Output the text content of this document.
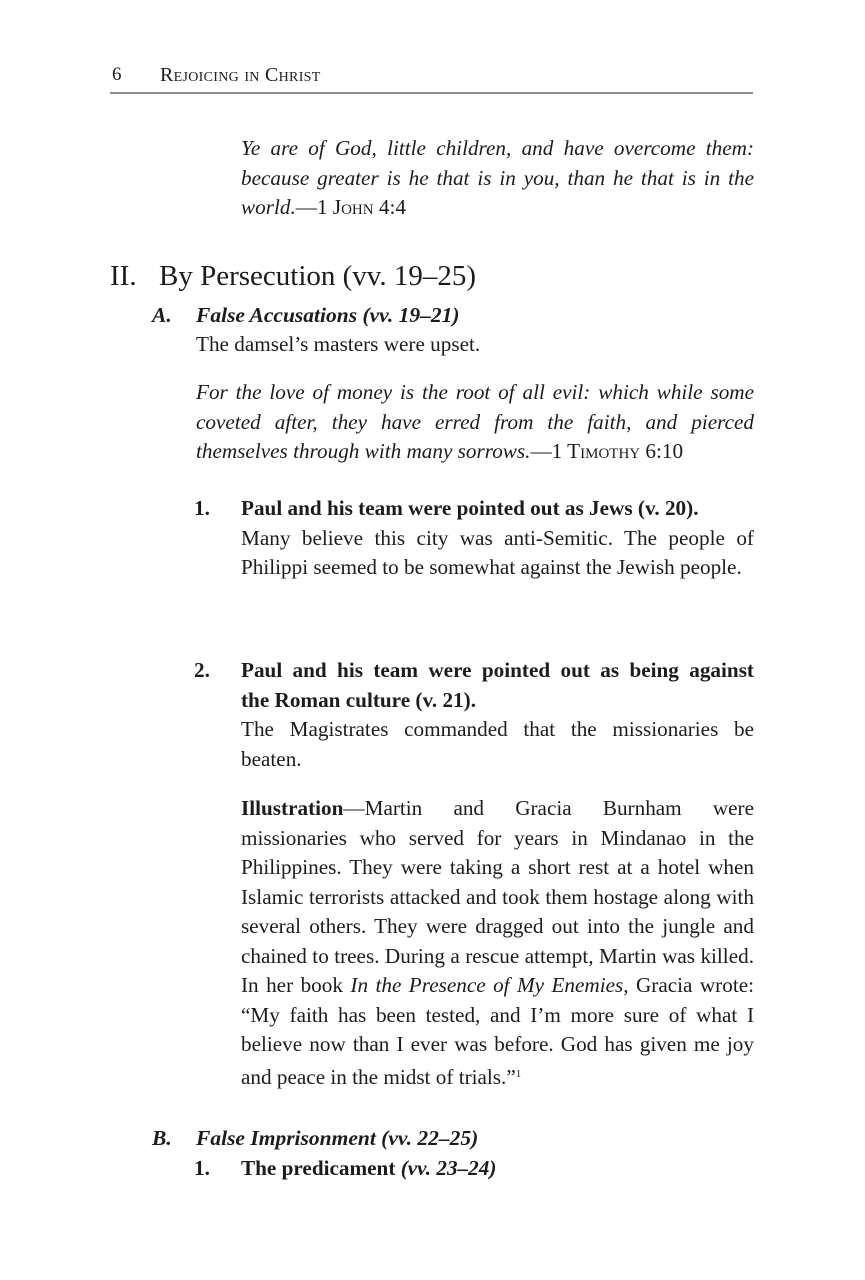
6 Rejoicing in Christ

Ye are of God, little children, and have overcome them: because greater is he that is in you, than he that is in the world.—1 John 4:4

II. By Persecution (vv. 19–25)
A. False Accusations (vv. 19–21)

The damsel’s masters were upset.

For the love of money is the root of all evil: which while some coveted after, they have erred from the faith, and pierced themselves through with many sorrows.—1 Timothy 6:10

1. Paul and his team were pointed out as Jews (v. 20).

Many believe this city was anti-Semitic. The people of Philippi seemed to be somewhat against the Jewish people.

2. Paul and his team were pointed out as being against
the Roman culture (v. 21).

The Magistrates commanded that the missionaries be beaten.

Illustration—Martin and Gracia Burnham were missionaries who served for years in Mindanao in the Philippines. They were taking a short rest at a hotel when Islamic terrorists attacked and took them hostage along with several others. They were dragged out into the jungle and chained to trees. During a rescue attempt, Martin was killed. In her book In the Presence of My Enemies, Gracia wrote: “My faith has been tested, and I’m more sure of what I believe now than I ever was before. God has given me joy and peace in the midst of trials.”$^1$

B. False Imprisonment (vv. 22–25)
1. The predicament (vv. 23–24)
